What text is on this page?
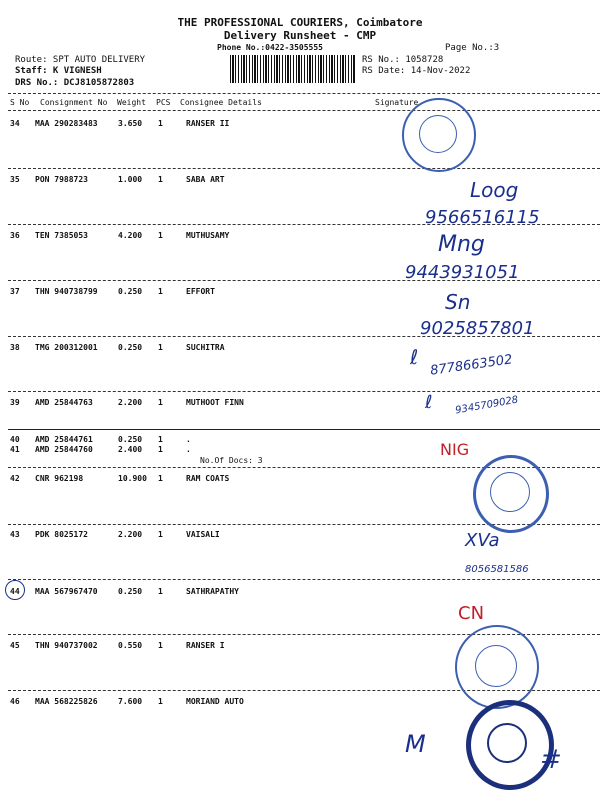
THE PROFESSIONAL COURIERS, Coimbatore
Delivery Runsheet - CMP
Phone No.:0422-3505555	Page No.:3
Route: SPT AUTO DELIVERY
Staff: K VIGNESH
DRS No.: DCJ8105872803
RS No.: 1058728
RS Date: 14-Nov-2022
S No Consignment No Weight PCS Consignee Details	Signature
34 MAA 290283483	3.650 1	RANSER II
35 PON 7988723	1.000 1	SABA ART
36 TEN 7385053	4.200 1	MUTHUSAMY
37 THN 940738799	0.250 1	EFFORT
38 TMG 200312001	0.250 1	SUCHITRA
39 AMD 25844763	2.200 1	MUTHOOT FINN
40 AMD 25844761	0.250 1	.
41 AMD 25844760	2.400 1	.
42 CNR 962198	10.900 1	RAM COATS
43 PDK 8025172	2.200 1	VAISALI
44 MAA 567967470	0.250 1	SATHRAPATHY
45 THN 940737002	0.550 1	RANSER I
46 MAA 568225826	7.600 1	MORIAND AUTO
No.Of Docs: 3
Loog
9566516115
Mng
9443931051
Sn
9025857801
ℓ 8778663502
ℓ 9345709028
NIG
XVa
8056581586
CN
M
#
